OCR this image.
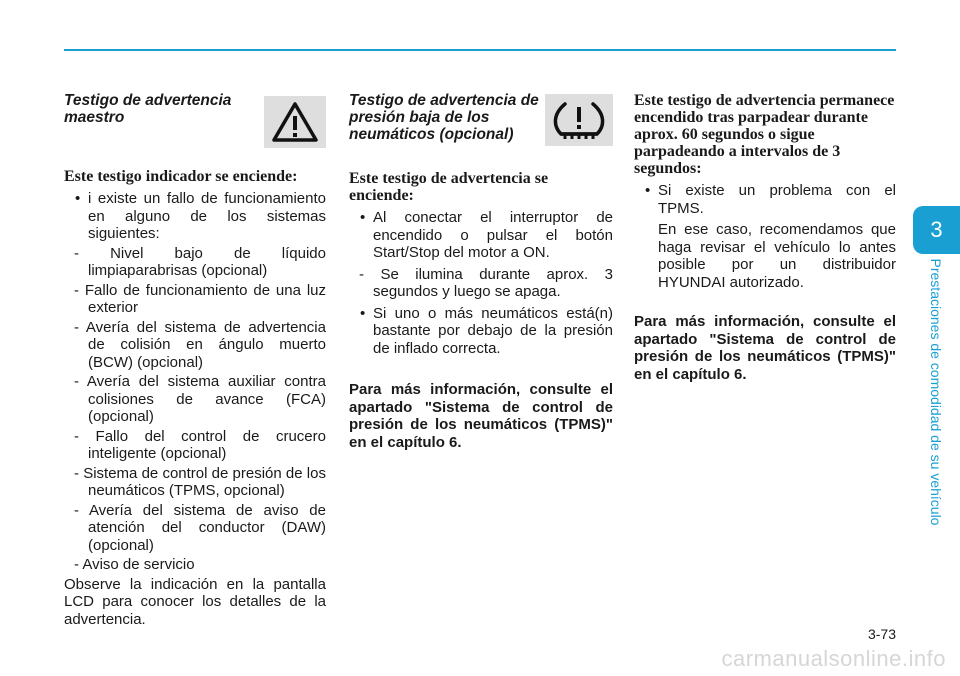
Testigo de advertencia maestro
Este testigo indicador se enciende:
• i existe un fallo de funcionamiento en alguno de los sistemas siguientes:
- Nivel bajo de líquido limpiaparabrisas (opcional)
- Fallo de funcionamiento de una luz exterior
- Avería del sistema de advertencia de colisión en ángulo muerto (BCW) (opcional)
- Avería del sistema auxiliar contra colisiones de avance (FCA) (opcional)
- Fallo del control de crucero inteligente (opcional)
- Sistema de control de presión de los neumáticos (TPMS, opcional)
- Avería del sistema de aviso de atención del conductor (DAW) (opcional)
- Aviso de servicio
Observe la indicación en la pantalla LCD para conocer los detalles de la advertencia.
Testigo de advertencia de presión baja de los neumáticos (opcional)
Este testigo de advertencia se enciende:
• Al conectar el interruptor de encendido o pulsar el botón Start/Stop del motor a ON.
- Se ilumina durante aprox. 3 segundos y luego se apaga.
• Si uno o más neumáticos está(n) bastante por debajo de la presión de inflado correcta.
Para más información, consulte el apartado "Sistema de control de presión de los neumáticos (TPMS)" en el capítulo 6.
Este testigo de advertencia permanece encendido tras parpadear durante aprox. 60 segundos o sigue parpadeando a intervalos de 3 segundos:
• Si existe un problema con el TPMS.
En ese caso, recomendamos que haga revisar el vehículo lo antes posible por un distribuidor HYUNDAI autorizado.
Para más información, consulte el apartado "Sistema de control de presión de los neumáticos (TPMS)" en el capítulo 6.
3
Prestaciones de comodidad de su vehículo
3-73
carmanualsonline.info
